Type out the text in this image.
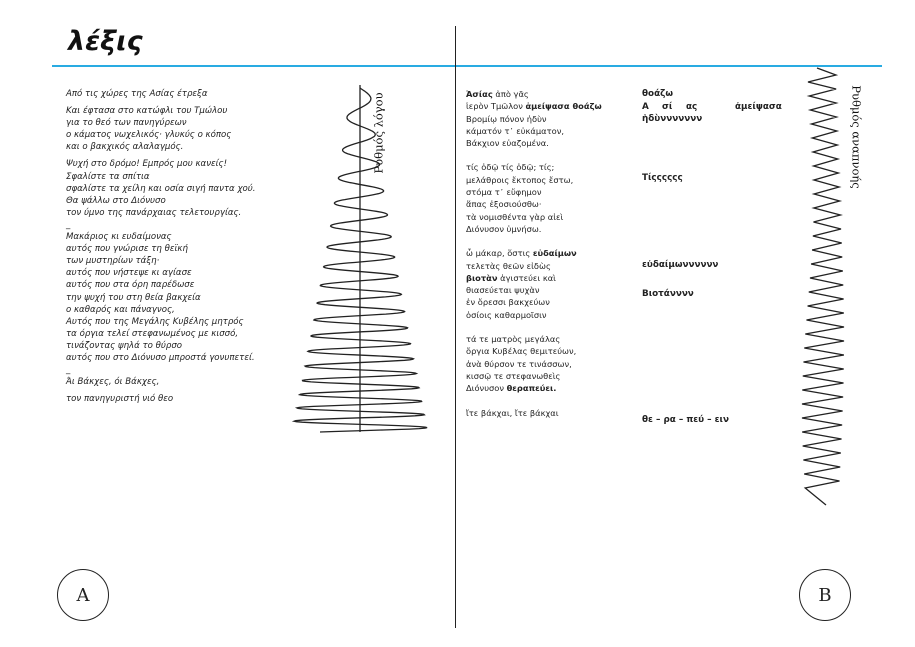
λέξις

Από τις χώρες της Ασίας έτρεξα

Και έφτασα στο κατώφλι του Τμώλου

για το θεό των πανηγύρεων

ο κάματος νωχελικός· γλυκύς ο κόπος

και ο βακχικός αλαλαγμός.

Ψυχή στο δρόμο! Εμπρός μου κανείς!

Σφαλίστε τα σπίτια

σφαλίστε τα χείλη και οσία σιγή παντα χού.

Θα ψάλλω στο Διόνυσο

τον ύμνο της πανάρχαιας τελετουργίας.

_

Μακάριος κι ευδαίμονας

αυτός που γνώρισε τη θεϊκή

των μυστηρίων τάξη·

αυτός που νήστεψε κι αγίασε

αυτός που στα όρη παρέδωσε

την ψυχή του στη θεία βακχεία

ο καθαρός και πάναγνος,

Αυτός που της Μεγάλης Κυβέλης μητρός

τα όργια τελεί στεφανωμένος με κισσό,

τινάζοντας ψηλά το θύρσο

αυτός που στο Διόνυσο μπροστά γονυπετεί.

_

Άι Βάκχες, όι Βάκχες,

τον πανηγυριστή νιό θεο

Ρυθμός λόγου	Ἀσίας ἀπὸ γᾶς

ἱερὸν Τμῶλον ἀμείψασα θοάζω

Βρομίῳ πόνον ἡδὺν

κάματόν τ᾽ εὐκάματον,

Βάκχιον εὐαζομένα.

τίς ὁδῷ τίς ὁδῷ; τίς;

μελάθροις ἔκτοπος ἔστω,

στόμα τ᾽ εὔφημον

ἅπας ἐξοσιούσθω·

τὰ νομισθέντα γὰρ αἰεὶ

Διόνυσον ὑμνήσω.

ὦ μάκαρ, ὅστις εὐδαίμων

τελετὰς θεῶν εἰδὼς

βιοτὰν ἁγιστεύει καὶ

θιασεύεται ψυχὰν

ἐν ὄρεσσι βακχεύων

ὁσίοις καθαρμοῖσιν

τά τε ματρὸς μεγάλας

ὄργια Κυβέλας θεμιτεύων,

ἀνὰ θύρσον τε τινάσσων,

κισσῷ τε στεφανωθεὶς

Διόνυσον θεραπεύει.

ἴτε βάκχαι, ἴτε βάκχαι

θοάζω
Α σί ας	ἀμείψασα
ἡδὺννννννν
Τίςςςςςς
εὐδαίμωνννννν
Βιοτάνννν
θε – ρα – πεύ – ειν
Ρυθμός αναπνοής
A	B
